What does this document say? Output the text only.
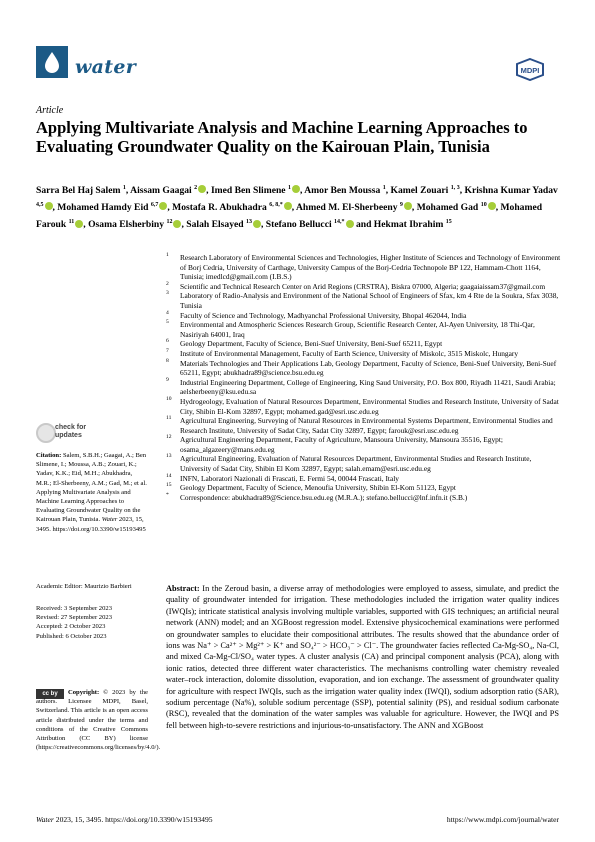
water	MDPI
Article
Applying Multivariate Analysis and Machine Learning Approaches to Evaluating Groundwater Quality on the Kairouan Plain, Tunisia
Sarra Bel Haj Salem $^1$, Aissam Gaagai $^2$ , Imed Ben Slimene $^1$ , Amor Ben Moussa $^1$, Kamel Zouari $^{1, 3}$, Krishna Kumar Yadav $^{4,5}$ , Mohamed Hamdy Eid $^{6,7}$ , Mostafa R. Abukhadra $^{6, 8,*}$ , Ahmed M. El-Sherbeeny $^9$ , Mohamed Gad $^{10}$ , Mohamed Farouk $^{11}$ , Osama Elsherbiny $^{12}$ , Salah Elsayed $^{13}$ , Stefano Bellucci $^{14,*}$ and Hekmat Ibrahim $^{15}$
1 Research Laboratory of Environmental Sciences and Technologies, Higher Institute of Sciences and Technology of Environment of Borj Cedria, University of Carthage, University Campus of the Borj-Cedria Technopole BP 122, Hammam-Chott 1164, Tunisia; imedlcd@gmail.com (I.B.S.)
2 Scientific and Technical Research Center on Arid Regions (CRSTRA), Biskra 07000, Algeria; gaagaiaissam37@gmail.com
3 Laboratory of Radio-Analysis and Environment of the National School of Engineers of Sfax, km 4 Rte de la Soukra, Sfax 3038, Tunisia
4 Faculty of Science and Technology, Madhyanchal Professional University, Bhopal 462044, India
5 Environmental and Atmospheric Sciences Research Group, Scientific Research Center, Al-Ayen University, 18 Thi-Qar, Nasiriyah 64001, Iraq
6 Geology Department, Faculty of Science, Beni-Suef University, Beni-Suef 65211, Egypt
7 Institute of Environmental Management, Faculty of Earth Science, University of Miskolc, 3515 Miskolc, Hungary
8 Materials Technologies and Their Applications Lab, Geology Department, Faculty of Science, Beni-Suef University, Beni-Suef 65211, Egypt; abukhadra89@science.bsu.edu.eg
9 Industrial Engineering Department, College of Engineering, King Saud University, P.O. Box 800, Riyadh 11421, Saudi Arabia; aelsherbeeny@ksu.edu.sa
10 Hydrogeology, Evaluation of Natural Resources Department, Environmental Studies and Research Institute, University of Sadat City, Shibin El-Kom 32897, Egypt; mohamed.gad@esri.usc.edu.eg
11 Agricultural Engineering, Surveying of Natural Resources in Environmental Systems Department, Environmental Studies and Research Institute, University of Sadat City, Sadat City 32897, Egypt; farouk@esri.usc.edu.eg
12 Agricultural Engineering Department, Faculty of Agriculture, Mansoura University, Mansoura 35516, Egypt; osama_algazeery@mans.edu.eg
13 Agricultural Engineering, Evaluation of Natural Resources Department, Environmental Studies and Research Institute, University of Sadat City, Shibin El Kom 32897, Egypt; salah.emam@esri.usc.edu.eg
14 INFN, Laboratori Nazionali di Frascati, E. Fermi 54, 00044 Frascati, Italy
15 Geology Department, Faculty of Science, Menoufia University, Shibin El-Kom 51123, Egypt
* Correspondence: abukhadra89@Science.bsu.edu.eg (M.R.A.); stefano.bellucci@lnf.infn.it (S.B.)
check for
updates
Citation: Salem, S.B.H.; Gaagai, A.; Ben Slimene, I.; Moussa, A.B.; Zouari, K.; Yadav, K.K.; Eid, M.H.; Abukhadra, M.R.; El-Sherbeeny, A.M.; Gad, M.; et al. Applying Multivariate Analysis and Machine Learning Approaches to Evaluating Groundwater Quality on the Kairouan Plain, Tunisia. Water 2023, 15, 3495. https://doi.org/10.3390/w15193495
Academic Editor: Maurizio Barbieri
Received: 3 September 2023
Revised: 27 September 2023
Accepted: 2 October 2023
Published: 6 October 2023
cc by	Copyright: © 2023 by the authors. Licensee MDPI, Basel, Switzerland. This article is an open access article distributed under the terms and conditions of the Creative Commons Attribution (CC BY) license (https://creativecommons.org/licenses/by/4.0/).
Abstract: In the Zeroud basin, a diverse array of methodologies were employed to assess, simulate, and predict the quality of groundwater intended for irrigation. These methodologies included the irrigation water quality indices (IWQIs); intricate statistical analysis involving multiple variables, supported with GIS techniques; an artificial neural network (ANN) model; and an XGBoost regression model. Extensive physicochemical examinations were performed on groundwater samples to elucidate their compositional attributes. The results showed that the abundance order of ions was Na⁺ > Ca²⁺ > Mg²⁺ > K⁺ and SO₄²⁻ > HCO₃⁻ > Cl⁻. The groundwater facies reflected Ca-Mg-SO₄, Na-Cl, and mixed Ca-Mg-Cl/SO₄ water types. A cluster analysis (CA) and principal component analysis (PCA), along with ionic ratios, detected three different water characteristics. The mechanisms controlling water chemistry revealed water–rock interaction, dolomite dissolution, evaporation, and ion exchange. The assessment of groundwater quality for agriculture with respect IWQIs, such as the irrigation water quality index (IWQI), sodium adsorption ratio (SAR), sodium percentage (Na%), soluble sodium percentage (SSP), potential salinity (PS), and residual sodium carbonate (RSC), revealed that the domination of the water samples was valuable for agriculture. However, the IWQI and PS fell between high-to-severe restrictions and injurious-to-unsatisfactory. The ANN and XGBoost
Water 2023, 15, 3495. https://doi.org/10.3390/w15193495	https://www.mdpi.com/journal/water
